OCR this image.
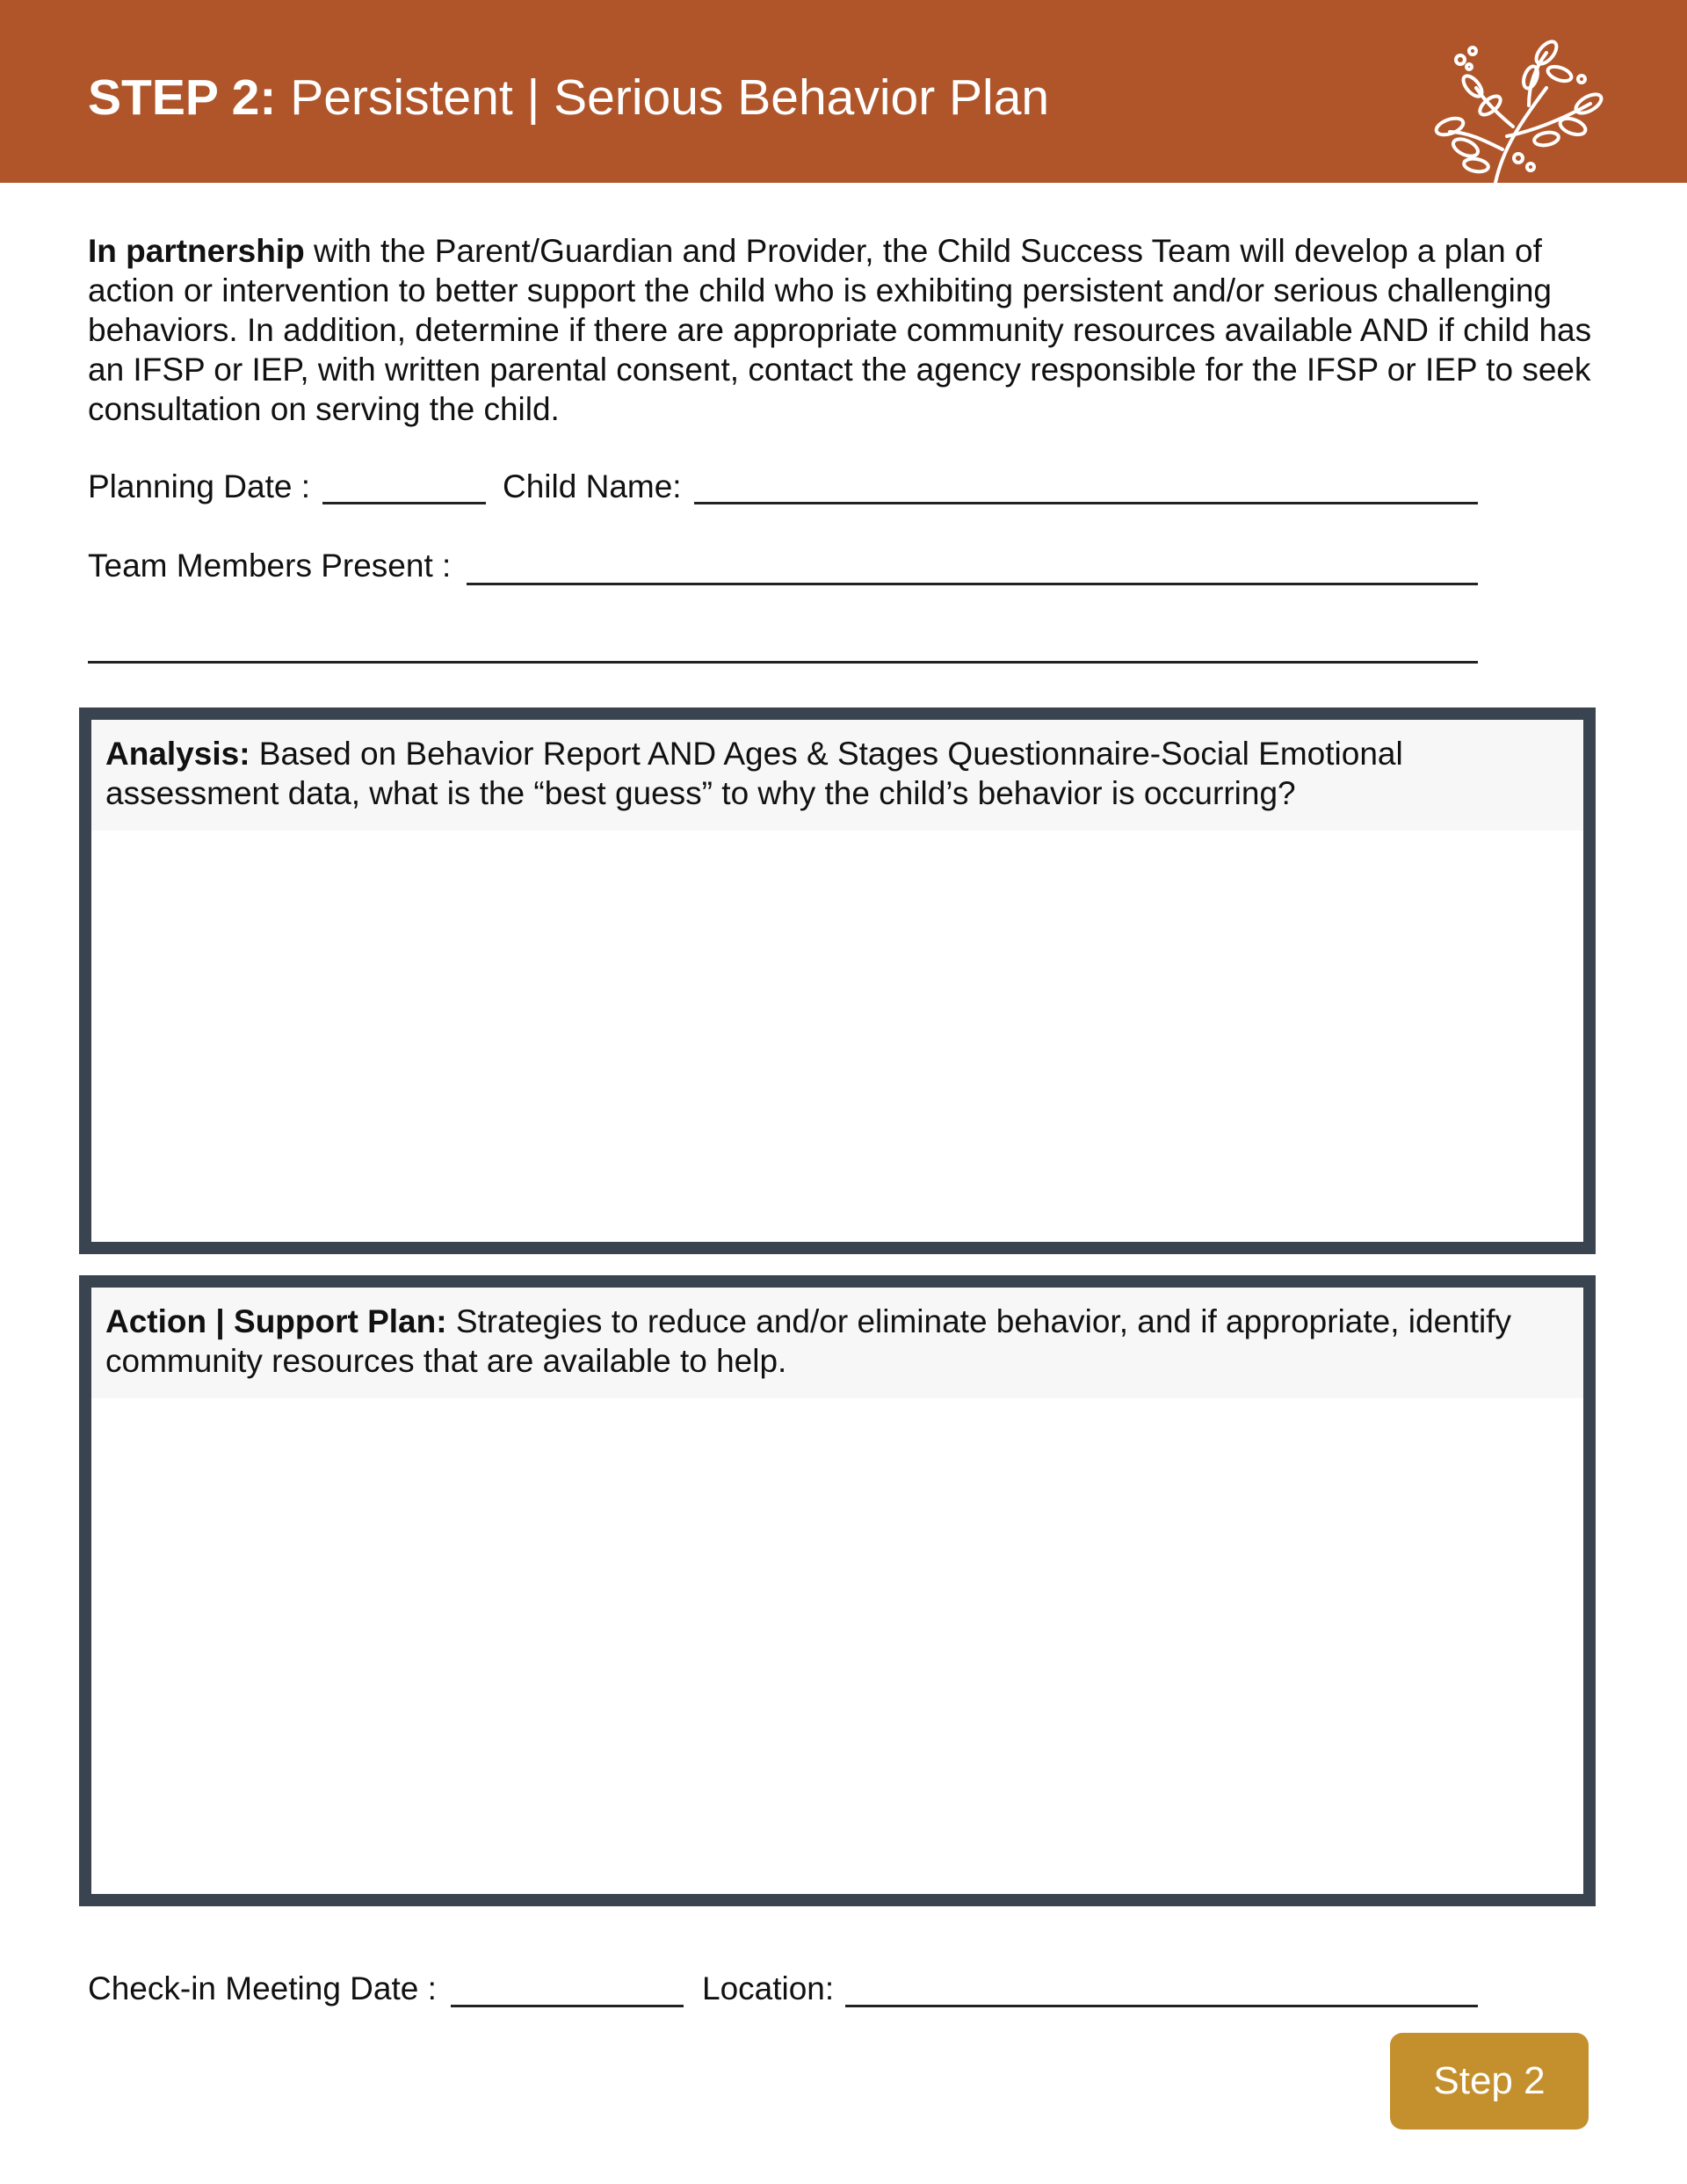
STEP 2: Persistent | Serious Behavior Plan
In partnership with the Parent/Guardian and Provider, the Child Success Team will develop a plan of action or intervention to better support the child who is exhibiting persistent and/or serious challenging behaviors. In addition, determine if there are appropriate community resources available AND if child has an IFSP or IEP, with written parental consent, contact the agency responsible for the IFSP or IEP to seek consultation on serving the child.
Planning Date :	Child Name:
Team Members Present :
Analysis: Based on Behavior Report AND Ages & Stages Questionnaire-Social Emotional assessment data, what is the “best guess” to why the child’s behavior is occurring?
Action | Support Plan: Strategies to reduce and/or eliminate behavior, and if appropriate, identify community resources that are available to help.
Check-in Meeting Date :	Location:
Step 2
